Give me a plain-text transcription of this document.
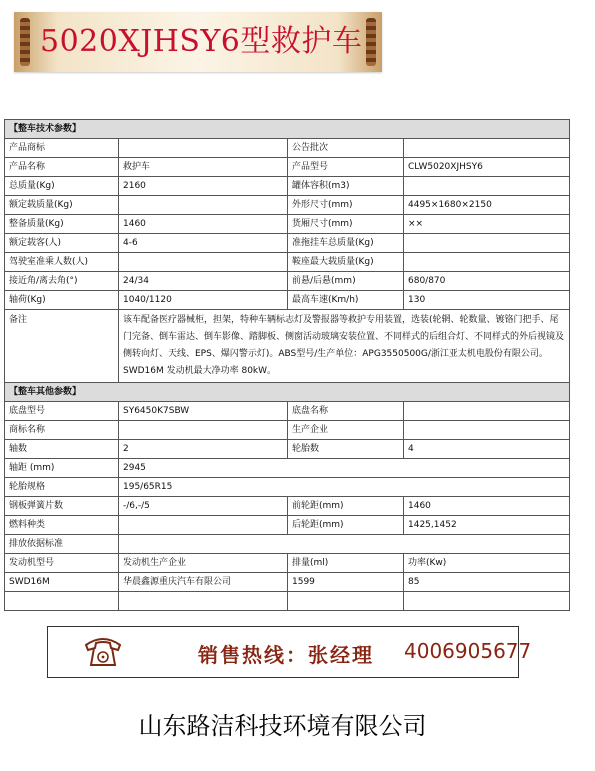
5020XJHSY6型救护车
【整车技术参数】			
产品商标		公告批次	
产品名称	救护车	产品型号	CLW5020XJHSY6
总质量(Kg)	2160	罐体容积(m3)	
额定载质量(Kg)		外形尺寸(mm)	4495×1680×2150
整备质量(Kg)	1460	货厢尺寸(mm)	××
额定载客(人)	4-6	准拖挂车总质量(Kg)	
驾驶室准乘人数(人)		鞍座最大载质量(Kg)	
接近角/离去角(°)	24/34	前悬/后悬(mm)	680/870
轴荷(Kg)	1040/1120	最高车速(Km/h)	130
备注	该车配备医疗器械柜，担架，特种车辆标志灯及警报器等救护专用装置，选装(轮辋、轮数量、镀铬门把手、尾门完备、倒车雷达、倒车影像、踏脚板、侧窗活动玻璃安装位置、不同样式的后组合灯、不同样式的外后视镜及侧转向灯、天线、EPS、爆闪警示灯)。ABS型号/生产单位：APG3550500G/浙江亚太机电股份有限公司。SWD16M 发动机最大净功率 80kW。		
【整车其他参数】			
底盘型号	SY6450K7SBW	底盘名称	
商标名称		生产企业	
轴数	2	轮胎数	4
轴距 (mm)	2945		
轮胎规格	195/65R15		
钢板弹簧片数	-/6,-/5	前轮距(mm)	1460
燃料种类		后轮距(mm)	1425,1452
排放依据标准			
发动机型号	发动机生产企业	排量(ml)	功率(Kw)
SWD16M	华晨鑫源重庆汽车有限公司	1599	85

销售热线：张经理 4006905677
山东路洁科技环境有限公司
